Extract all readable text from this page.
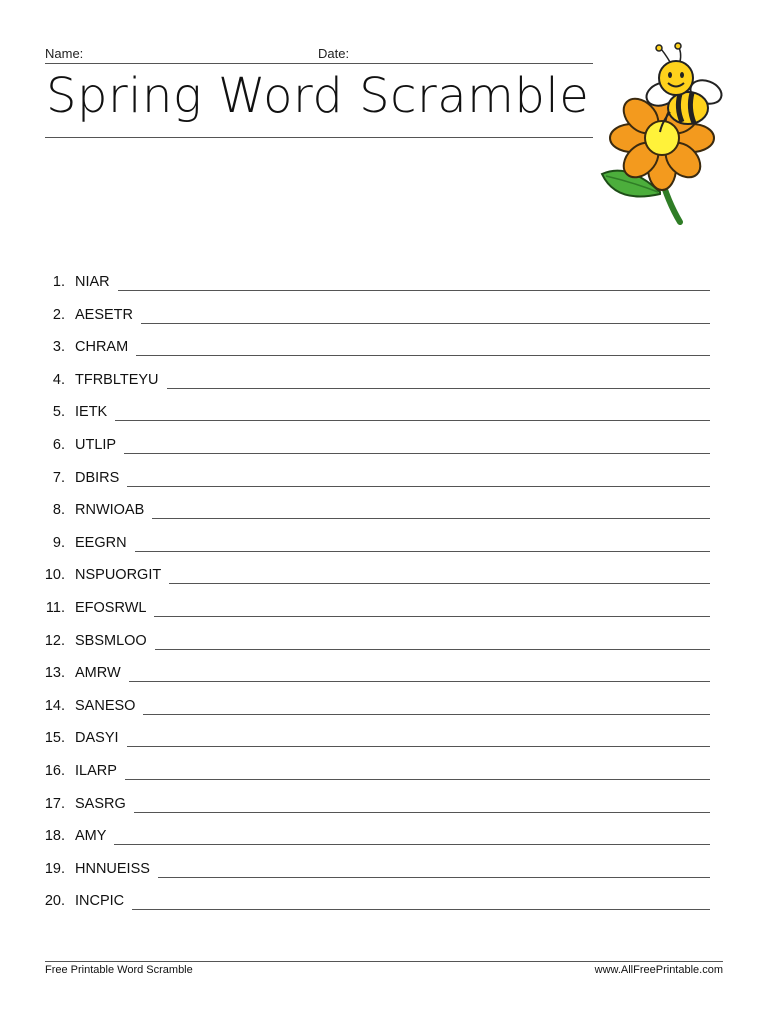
Name:	Date:
Spring Word Scramble
1. NIAR
2. AESETR
3. CHRAM
4. TFRBLTEYU
5. IETK
6. UTLIP
7. DBIRS
8. RNWIOAB
9. EEGRN
10. NSPUORGIT
11. EFOSRWL
12. SBSMLOO
13. AMRW
14. SANESO
15. DASYI
16. ILARP
17. SASRG
18. AMY
19. HNNUEISS
20. INCPIC
Free Printable Word Scramble	www.AllFreePrintable.com
